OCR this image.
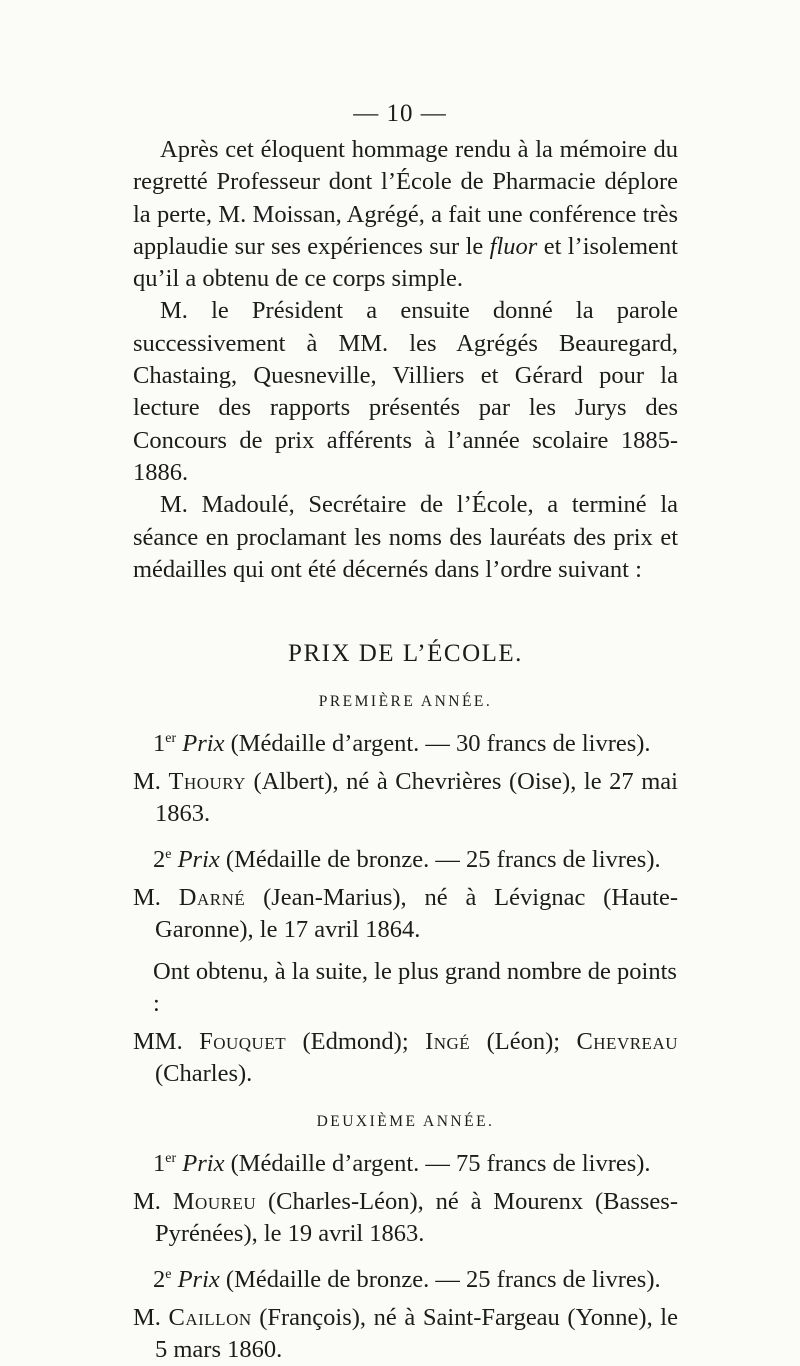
— 10 —

Après cet éloquent hommage rendu à la mémoire du regretté Professeur dont l’École de Pharmacie déplore la perte, M. Moissan, Agrégé, a fait une conférence très applaudie sur ses expériences sur le fluor et l’isolement qu’il a obtenu de ce corps simple.

M. le Président a ensuite donné la parole successivement à MM. les Agrégés Beauregard, Chastaing, Quesneville, Villiers et Gérard pour la lecture des rapports présentés par les Jurys des Concours de prix afférents à l’année scolaire 1885-1886.

M. Madoulé, Secrétaire de l’École, a terminé la séance en proclamant les noms des lauréats des prix et médailles qui ont été décernés dans l’ordre suivant :

PRIX DE L’ÉCOLE.
PREMIÈRE ANNÉE.

1er Prix (Médaille d’argent. — 30 francs de livres).

M. Thoury (Albert), né à Chevrières (Oise), le 27 mai 1863.

2e Prix (Médaille de bronze. — 25 francs de livres).

M. Darné (Jean-Marius), né à Lévignac (Haute-Garonne), le 17 avril 1864.

Ont obtenu, à la suite, le plus grand nombre de points :

MM. Fouquet (Edmond); Ingé (Léon); Chevreau (Charles).

DEUXIÈME ANNÉE.

1er Prix (Médaille d’argent. — 75 francs de livres).

M. Moureu (Charles-Léon), né à Mourenx (Basses-Pyrénées), le 19 avril 1863.

2e Prix (Médaille de bronze. — 25 francs de livres).

M. Caillon (François), né à Saint-Fargeau (Yonne), le 5 mars 1860.
